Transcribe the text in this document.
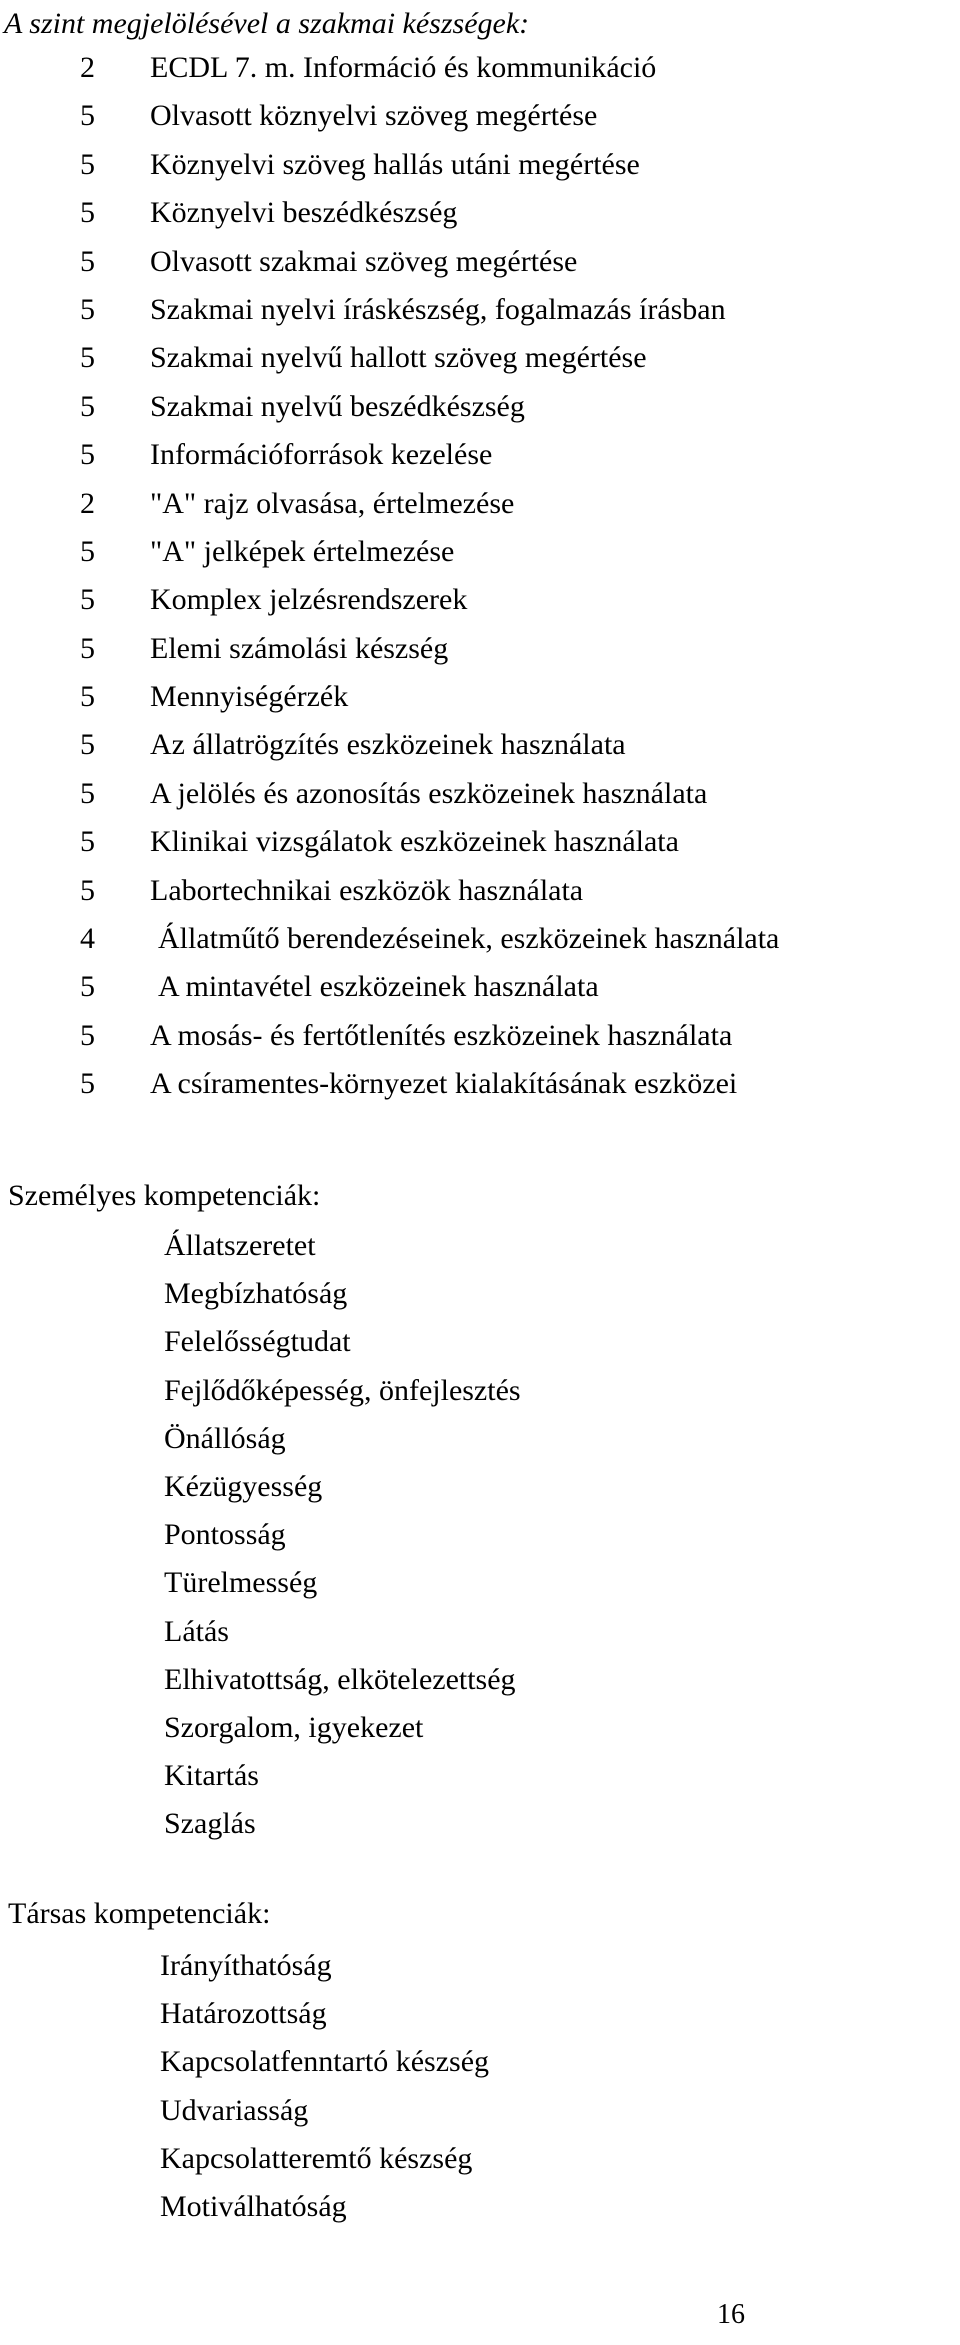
A szint megjelölésével a szakmai készségek:
2 ECDL 7. m. Információ és kommunikáció
5 Olvasott köznyelvi szöveg megértése
5 Köznyelvi szöveg hallás utáni megértése
5 Köznyelvi beszédkészség
5 Olvasott szakmai szöveg megértése
5 Szakmai nyelvi íráskészség, fogalmazás írásban
5 Szakmai nyelvű hallott szöveg megértése
5 Szakmai nyelvű beszédkészség
5 Információforrások kezelése
2 "A" rajz olvasása, értelmezése
5 "A" jelképek értelmezése
5 Komplex jelzésrendszerek
5 Elemi számolási készség
5 Mennyiségérzék
5 Az állatrögzítés eszközeinek használata
5 A jelölés és azonosítás eszközeinek használata
5 Klinikai vizsgálatok eszközeinek használata
5 Labortechnikai eszközök használata
4 Állatműtő berendezéseinek, eszközeinek használata
5 A mintavétel eszközeinek használata
5 A mosás- és fertőtlenítés eszközeinek használata
5 A csíramentes-környezet kialakításának eszközei
Személyes kompetenciák:
Állatszeretet
Megbízhatóság
Felelősségtudat
Fejlődőképesség, önfejlesztés
Önállóság
Kézügyesség
Pontosság
Türelmesség
Látás
Elhivatottság, elkötelezettség
Szorgalom, igyekezet
Kitartás
Szaglás
Társas kompetenciák:
Irányíthatóság
Határozottság
Kapcsolatfenntartó készség
Udvariasság
Kapcsolatteremtő készség
Motiválhatóság
16
